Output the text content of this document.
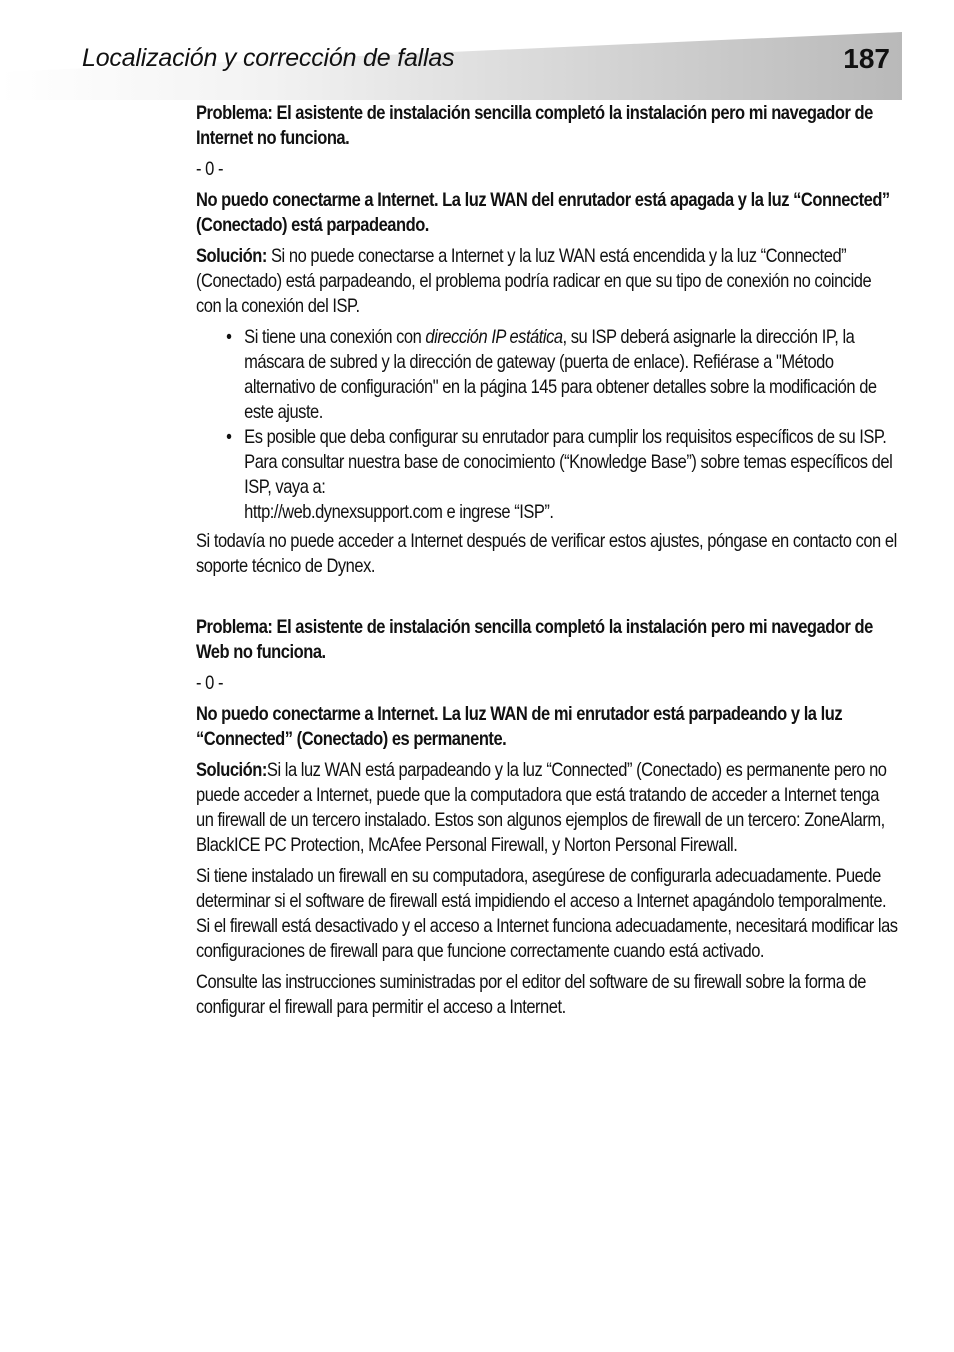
Localización y corrección de fallas	187

Problema: El asistente de instalación sencilla completó la instalación pero mi navegador de Internet no funciona.

- 0 -

No puedo conectarme a Internet. La luz WAN del enrutador está apagada y la luz “Connected” (Conectado) está parpadeando.

Solución: Si no puede conectarse a Internet y la luz WAN está encendida y la luz “Connected” (Conectado) está parpadeando, el problema podría radicar en que su tipo de conexión no coincide con la conexión del ISP.

• Si tiene una conexión con dirección IP estática, su ISP deberá asignarle la dirección IP, la máscara de subred y la dirección de gateway (puerta de enlace). Refiérase a "Método alternativo de configuración" en la página 145 para obtener detalles sobre la modificación de este ajuste.
• Es posible que deba configurar su enrutador para cumplir los requisitos específicos de su ISP. Para consultar nuestra base de conocimiento (“Knowledge Base”) sobre temas específicos del ISP, vaya a:
http://web.dynexsupport.com e ingrese “ISP”.

Si todavía no puede acceder a Internet después de verificar estos ajustes, póngase en contacto con el soporte técnico de Dynex.

Problema: El asistente de instalación sencilla completó la instalación pero mi navegador de Web no funciona.

- 0 -

No puedo conectarme a Internet. La luz WAN de mi enrutador está parpadeando y la luz “Connected” (Conectado) es permanente.

Solución:Si la luz WAN está parpadeando y la luz “Connected” (Conectado) es permanente pero no puede acceder a Internet, puede que la computadora que está tratando de acceder a Internet tenga un firewall de un tercero instalado. Estos son algunos ejemplos de firewall de un tercero: ZoneAlarm, BlackICE PC Protection, McAfee Personal Firewall, y Norton Personal Firewall.

Si tiene instalado un firewall en su computadora, asegúrese de configurarla adecuadamente. Puede determinar si el software de firewall está impidiendo el acceso a Internet apagándolo temporalmente. Si el firewall está desactivado y el acceso a Internet funciona adecuadamente, necesitará modificar las configuraciones de firewall para que funcione correctamente cuando está activado.

Consulte las instrucciones suministradas por el editor del software de su firewall sobre la forma de configurar el firewall para permitir el acceso a Internet.
